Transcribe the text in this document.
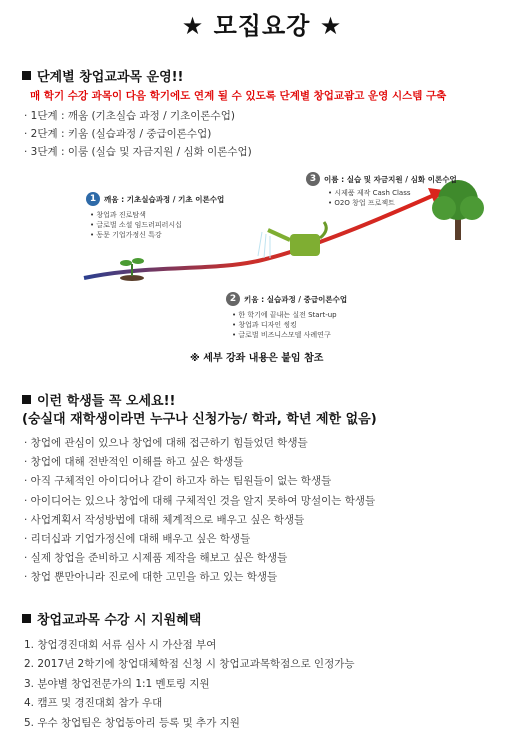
★ 모집요강 ★
단계별 창업교과목 운영!!
매 학기 수강 과목이 다음 학기에도 연계 될 수 있도록 단계별 창업교괌고 운영 시스템 구축
· 1단계 : 깨움 (기초실습 과정 / 기초이론수업)
· 2단계 : 키움 (실습과정 / 중급이론수업)
· 3단계 : 이룸 (실습 및 자금지원 / 심화 이론수업)
1	깨움 : 기초실습과정 / 기초 이론수업
• 창업과 진로탐색
• 글로벌 소셜 임드러피러시십
• 동문 기업가정신 특강
2	키움 : 실습과정 / 중급이론수업
• 한 학기에 끝내는 실전 Start-up
• 창업과 디자인 씽킹
• 글로벌 비즈니스모델 사례연구
3	이룸 : 실습 및 자금지원 / 심화 이론수업
• 시제품 제작 Cash Class
• O2O 창업 프로젝트
※ 세부 강좌 내용은 붙임 참조
이런 학생들 꼭 오세요!!
(숭실대 재학생이라면 누구나 신청가능/ 학과, 학년 제한 없음)
· 창업에 관심이 있으나 창업에 대해 접근하기 힘들었던 학생들
· 창업에 대해 전반적인 이해를 하고 싶은 학생들
· 아직 구체적인 아이디어나 같이 하고자 하는 팀원들이 없는 학생들
· 아이디어는 있으나 창업에 대해 구체적인 것을 알지 못하여 망설이는 학생들
· 사업계획서 작성방법에 대해 체계적으로 배우고 싶은 학생들
· 리더십과 기업가정신에 대해 배우고 싶은 학생들
· 실제 창업을 준비하고 시제품 제작을 해보고 싶은 학생들
· 창업 뿐만아니라 진로에 대한 고민을 하고 있는 학생들
창업교과목 수강 시 지원혜택
1. 창업경진대회 서류 심사 시 가산점 부여
2. 2017년 2학기에 창업대체학점 신청 시 창업교과목학점으로 인정가능
3. 분야별 창업전문가의 1:1 멘토링 지원
4. 캠프 및 경진대회 참가 우대
5. 우수 창업팀은 창업동아리 등록 및 추가 지원
